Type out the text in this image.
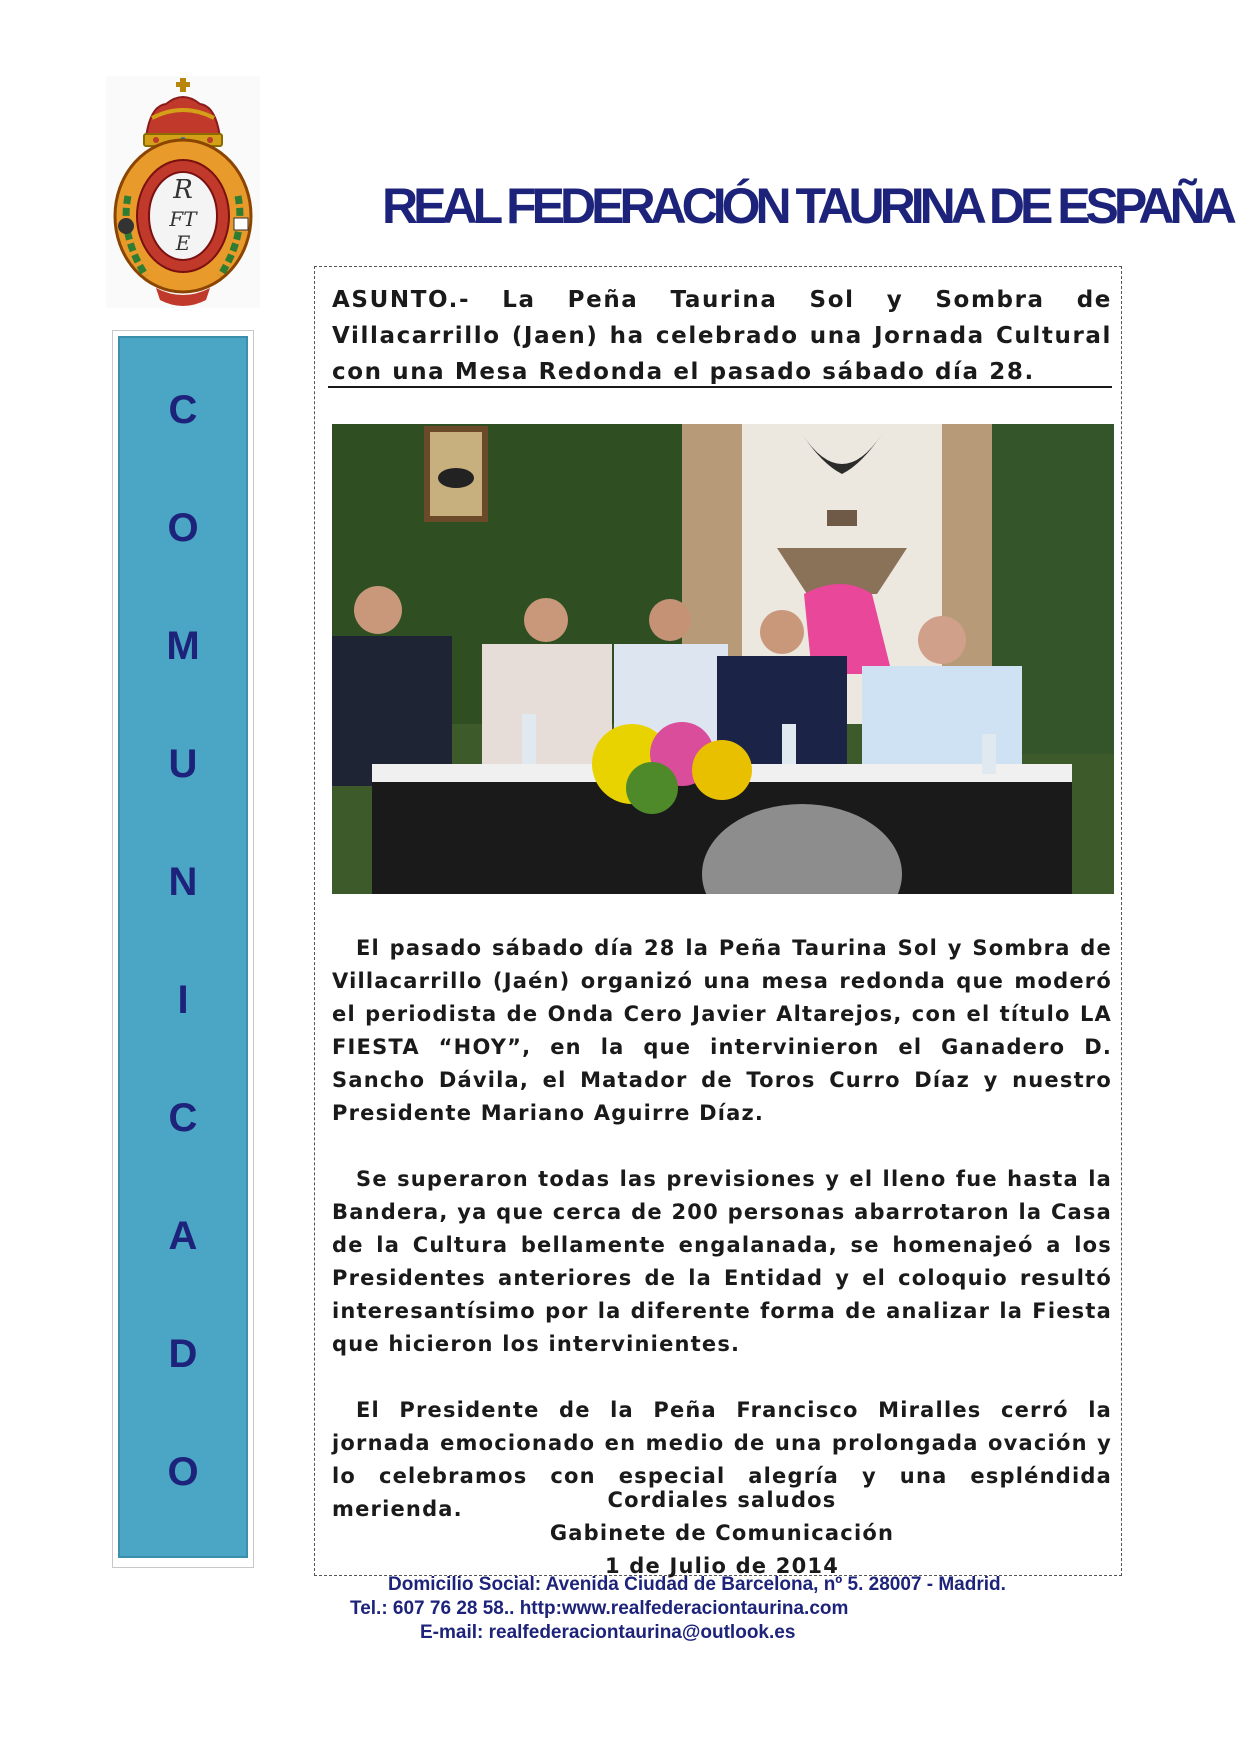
R
FT
E
REAL FEDERACIÓN TAURINA DE ESPAÑA
C
O
M
U
N
I
C
A
D
O
ASUNTO.- La Peña Taurina Sol y Sombra de Villacarrillo (Jaen) ha celebrado una Jornada Cultural con una Mesa Redonda el pasado sábado día 28.

El pasado sábado día 28 la Peña Taurina Sol y Sombra de Villacarrillo (Jaén) organizó una mesa redonda que moderó el periodista de Onda Cero Javier Altarejos, con el título LA FIESTA “HOY”, en la que intervinieron el Ganadero D. Sancho Dávila, el Matador de Toros Curro Díaz y nuestro Presidente Mariano Aguirre Díaz.

Se superaron todas las previsiones y el lleno fue hasta la Bandera, ya que cerca de 200 personas abarrotaron la Casa de la Cultura bellamente engalanada, se homenajeó a los Presidentes anteriores de la Entidad y el coloquio resultó interesantísimo por la diferente forma de analizar la Fiesta que hicieron los intervinientes.

El Presidente de la Peña Francisco Miralles cerró la jornada emocionado en medio de una prolongada ovación y lo celebramos con especial alegría y una espléndida merienda.	Cordiales saludos
Gabinete de Comunicación
1 de Julio de 2014
Domicilio Social: Avenida Ciudad de Barcelona, nº 5. 28007 - Madrid.
Tel.: 607 76 28 58.. http:www.realfederaciontaurina.com
E-mail: realfederaciontaurina@outlook.es
